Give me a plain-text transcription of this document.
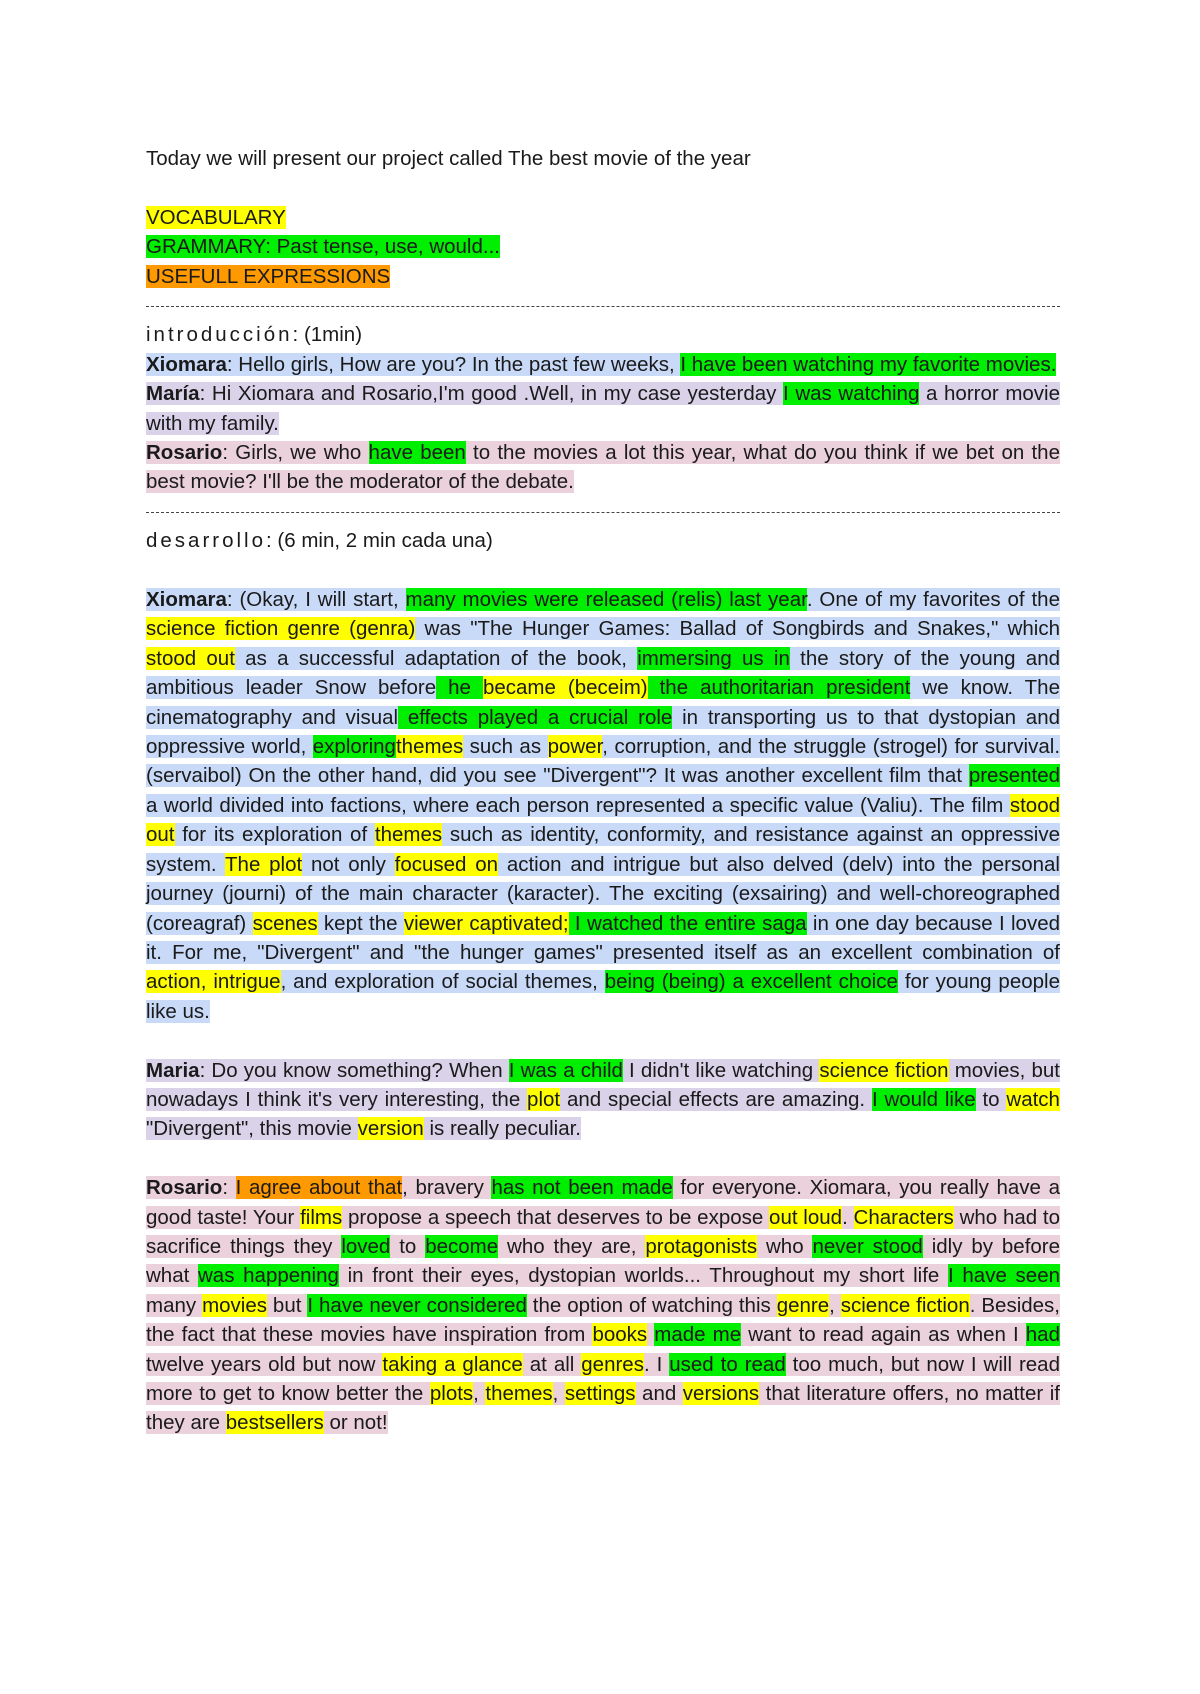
Today we will present our project called The best movie of the year
VOCABULARY
GRAMMARY: Past tense, use, would...
USEFULL EXPRESSIONS
introducción: (1min)
Xiomara: Hello girls, How are you? In the past few weeks, I have been watching my favorite movies.
María: Hi Xiomara and Rosario,I'm good .Well, in my case yesterday I was watching a horror movie with my family.
Rosario: Girls, we who have been to the movies a lot this year, what do you think if we bet on the best movie? I'll be the moderator of the debate.
desarrollo: (6 min, 2 min cada una)
Xiomara: (Okay, I will start, many movies were released (relis) last year. One of my favorites of the science fiction genre (genra) was "The Hunger Games: Ballad of Songbirds and Snakes," which stood out as a successful adaptation of the book, immersing us in the story of the young and ambitious leader Snow before he became (beceim) the authoritarian president we know. The cinematography and visual effects played a crucial role in transporting us to that dystopian and oppressive world, exploringthemes such as power, corruption, and the struggle (strogel) for survival. (servaibol) On the other hand, did you see "Divergent"? It was another excellent film that presented a world divided into factions, where each person represented a specific value (Valiu). The film stood out for its exploration of themes such as identity, conformity, and resistance against an oppressive system. The plot not only focused on action and intrigue but also delved (delv) into the personal journey (journi) of the main character (karacter). The exciting (exsairing) and well-choreographed (coreagraf) scenes kept the viewer captivated; I watched the entire saga in one day because I loved it. For me, "Divergent" and "the hunger games" presented itself as an excellent combination of action, intrigue, and exploration of social themes, being (being) a excellent choice for young people like us.
Maria: Do you know something? When I was a child I didn't like watching science fiction movies, but nowadays I think it's very interesting, the plot and special effects are amazing. I would like to watch "Divergent", this movie version is really peculiar.
Rosario: I agree about that, bravery has not been made for everyone. Xiomara, you really have a good taste! Your films propose a speech that deserves to be expose out loud. Characters who had to sacrifice things they loved to become who they are, protagonists who never stood idly by before what was happening in front their eyes, dystopian worlds... Throughout my short life I have seen many movies but I have never considered the option of watching this genre, science fiction. Besides, the fact that these movies have inspiration from books made me want to read again as when I had twelve years old but now taking a glance at all genres. I used to read too much, but now I will read more to get to know better the plots, themes, settings and versions that literature offers, no matter if they are bestsellers or not!
